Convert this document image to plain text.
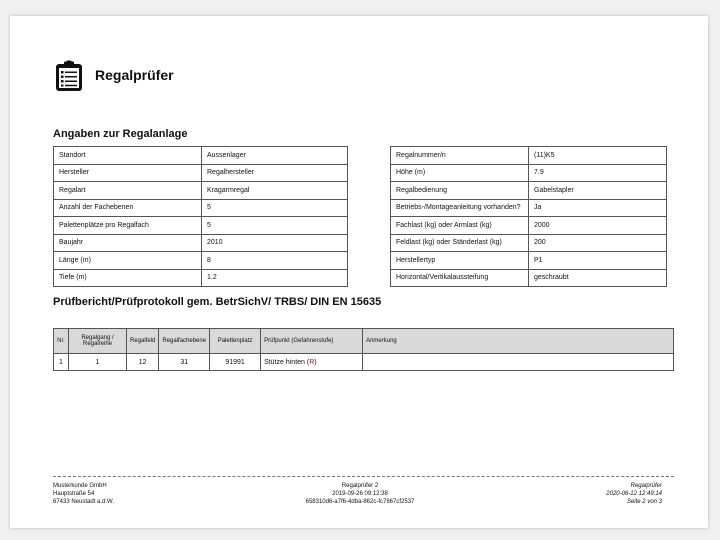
Regalprüfer
Angaben zur Regalanlage
Standort	Aussenlager
Hersteller	Regalhersteller
Regalart	Kragarmregal
Anzahl der Fachebenen	5
Palettenplätze pro Regalfach	5
Baujahr	2010
Länge (m)	8
Tiefe (m)	1.2
Regalnummer/n	(11)K5
Höhe (m)	7.9
Regalbedienung	Gabelstapler
Betriebs-/Montageanleitung vorhanden?	Ja
Fachlast (kg) oder Armlast (kg)	2000
Feldlast (kg) oder Ständerlast (kg)	200
Herstellertyp	P1
Horizontal/Vertikalaussteifung	geschraubt
Prüfbericht/Prüfprotokoll gem. BetrSichV/ TRBS/ DIN EN 15635
Nr.	Regalgang / Regalreihe	Regalfeld	Regalfachebene	Palettenplatz	Prüfpunkt (Gefahrenstufe)	Anmerkung
1	1	12	31	91991	Stütze hinten (R)	
Musterkunde GmbH
Hauptstraße 54
67433 Neustadt a.d.W.
Regalprüfer 2
2019-09-26 09:12:38
658310d6-a7f6-4dba-862c-fc7867cf2537
Regalprüfer
2020-06-12 12:49:14
Seite 2 von 3
